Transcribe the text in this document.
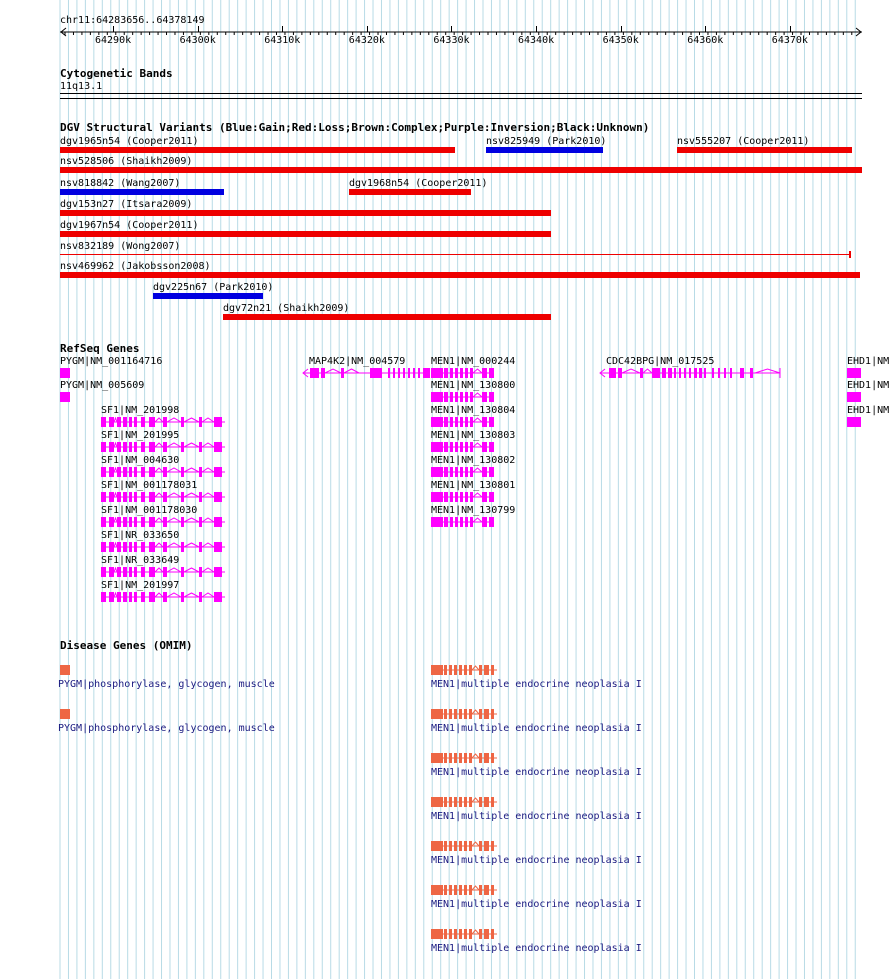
chr11:64283656..64378149
64290k	64300k	64310k	64320k	64330k	64340k	64350k	64360k	64370k
Cytogenetic Bands
11q13.1
DGV Structural Variants (Blue:Gain;Red:Loss;Brown:Complex;Purple:Inversion;Black:Unknown)
dgv1965n54 (Cooper2011)	nsv825949 (Park2010)	nsv555207 (Cooper2011)
nsv528506 (Shaikh2009)
nsv818842 (Wang2007)	dgv1968n54 (Cooper2011)
dgv153n27 (Itsara2009)
dgv1967n54 (Cooper2011)
nsv832189 (Wong2007)
nsv469962 (Jakobsson2008)
dgv225n67 (Park2010)
dgv72n21 (Shaikh2009)
RefSeq Genes
PYGM|NM_001164716
PYGM|NM_005609
MAP4K2|NM_004579	CDC42BPG|NM_017525	EHD1|NM
EHD1|NM
EHD1|NM
MEN1|NM_000244
MEN1|NM_130800
MEN1|NM_130804
MEN1|NM_130803
MEN1|NM_130802
MEN1|NM_130801
MEN1|NM_130799
SF1|NM_201998
SF1|NM_201995
SF1|NM_004630
SF1|NM_001178031
SF1|NM_001178030
SF1|NR_033650
SF1|NR_033649
SF1|NM_201997
Disease Genes (OMIM)
PYGM|phosphorylase, glycogen, muscle
PYGM|phosphorylase, glycogen, muscle
MEN1|multiple endocrine neoplasia I
MEN1|multiple endocrine neoplasia I
MEN1|multiple endocrine neoplasia I
MEN1|multiple endocrine neoplasia I
MEN1|multiple endocrine neoplasia I
MEN1|multiple endocrine neoplasia I
MEN1|multiple endocrine neoplasia I
